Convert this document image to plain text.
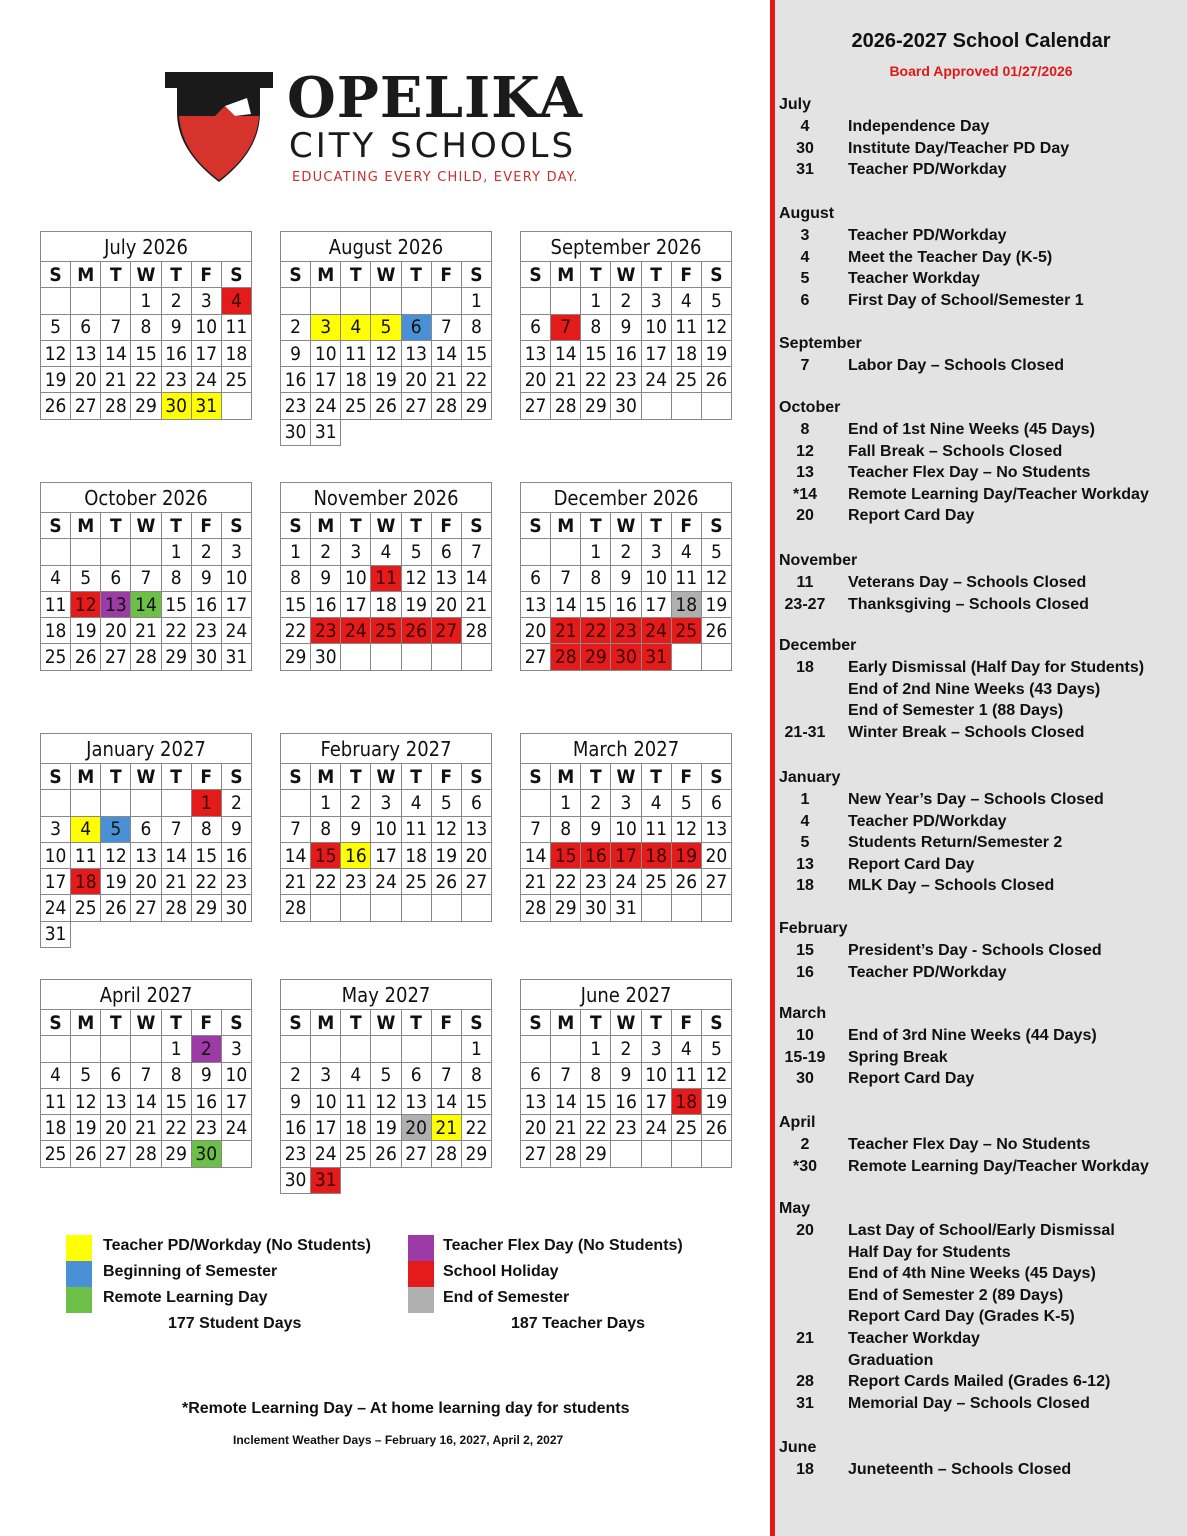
OPELIKA
CITY SCHOOLS
EDUCATING EVERY CHILD, EVERY DAY.
July 2026						
S	M	T	W	T	F	S
			1	2	3	4
5	6	7	8	9	10	11
12	13	14	15	16	17	18
19	20	21	22	23	24	25
26	27	28	29	30	31	
August 2026						
S	M	T	W	T	F	S
						1
2	3	4	5	6	7	8
9	10	11	12	13	14	15
16	17	18	19	20	21	22
23	24	25	26	27	28	29
30	31					
September 2026						
S	M	T	W	T	F	S
		1	2	3	4	5
6	7	8	9	10	11	12
13	14	15	16	17	18	19
20	21	22	23	24	25	26
27	28	29	30			
October 2026						
S	M	T	W	T	F	S
				1	2	3
4	5	6	7	8	9	10
11	12	13	14	15	16	17
18	19	20	21	22	23	24
25	26	27	28	29	30	31
November 2026						
S	M	T	W	T	F	S
1	2	3	4	5	6	7
8	9	10	11	12	13	14
15	16	17	18	19	20	21
22	23	24	25	26	27	28
29	30					
December 2026						
S	M	T	W	T	F	S
		1	2	3	4	5
6	7	8	9	10	11	12
13	14	15	16	17	18	19
20	21	22	23	24	25	26
27	28	29	30	31		
January 2027						
S	M	T	W	T	F	S
					1	2
3	4	5	6	7	8	9
10	11	12	13	14	15	16
17	18	19	20	21	22	23
24	25	26	27	28	29	30
31						
February 2027						
S	M	T	W	T	F	S
	1	2	3	4	5	6
7	8	9	10	11	12	13
14	15	16	17	18	19	20
21	22	23	24	25	26	27
28						
March 2027						
S	M	T	W	T	F	S
	1	2	3	4	5	6
7	8	9	10	11	12	13
14	15	16	17	18	19	20
21	22	23	24	25	26	27
28	29	30	31			
April 2027						
S	M	T	W	T	F	S
				1	2	3
4	5	6	7	8	9	10
11	12	13	14	15	16	17
18	19	20	21	22	23	24
25	26	27	28	29	30	
May 2027						
S	M	T	W	T	F	S
						1
2	3	4	5	6	7	8
9	10	11	12	13	14	15
16	17	18	19	20	21	22
23	24	25	26	27	28	29
30	31					
June 2027						
S	M	T	W	T	F	S
		1	2	3	4	5
6	7	8	9	10	11	12
13	14	15	16	17	18	19
20	21	22	23	24	25	26
27	28	29				
Teacher PD/Workday (No Students)
Beginning of Semester
Remote Learning Day
177 Student Days
Teacher Flex Day (No Students)
School Holiday
End of Semester
187 Teacher Days
*Remote Learning Day – At home learning day for students
Inclement Weather Days – February 16, 2027, April 2, 2027
2026-2027 School Calendar
Board Approved 01/27/2026
July
4	Independence Day
30	Institute Day/Teacher PD Day
31	Teacher PD/Workday
August
3	Teacher PD/Workday
4	Meet the Teacher Day (K-5)
5	Teacher Workday
6	First Day of School/Semester 1
September
7	Labor Day – Schools Closed
October
8	End of 1st Nine Weeks (45 Days)
12	Fall Break – Schools Closed
13	Teacher Flex Day – No Students
*14	Remote Learning Day/Teacher Workday
20	Report Card Day
November
11	Veterans Day – Schools Closed
23-27	Thanksgiving – Schools Closed
December
18	Early Dismissal (Half Day for Students)
End of 2nd Nine Weeks (43 Days)
End of Semester 1 (88 Days)
21-31	Winter Break – Schools Closed
January
1	New Year’s Day – Schools Closed
4	Teacher PD/Workday
5	Students Return/Semester 2
13	Report Card Day
18	MLK Day – Schools Closed
February
15	President’s Day - Schools Closed
16	Teacher PD/Workday
March
10	End of 3rd Nine Weeks (44 Days)
15-19	Spring Break
30	Report Card Day
April
2	Teacher Flex Day – No Students
*30	Remote Learning Day/Teacher Workday
May
20	Last Day of School/Early Dismissal
Half Day for Students
End of 4th Nine Weeks (45 Days)
End of Semester 2 (89 Days)
Report Card Day (Grades K-5)
21	Teacher Workday
Graduation
28	Report Cards Mailed (Grades 6-12)
31	Memorial Day – Schools Closed
June
18	Juneteenth – Schools Closed
